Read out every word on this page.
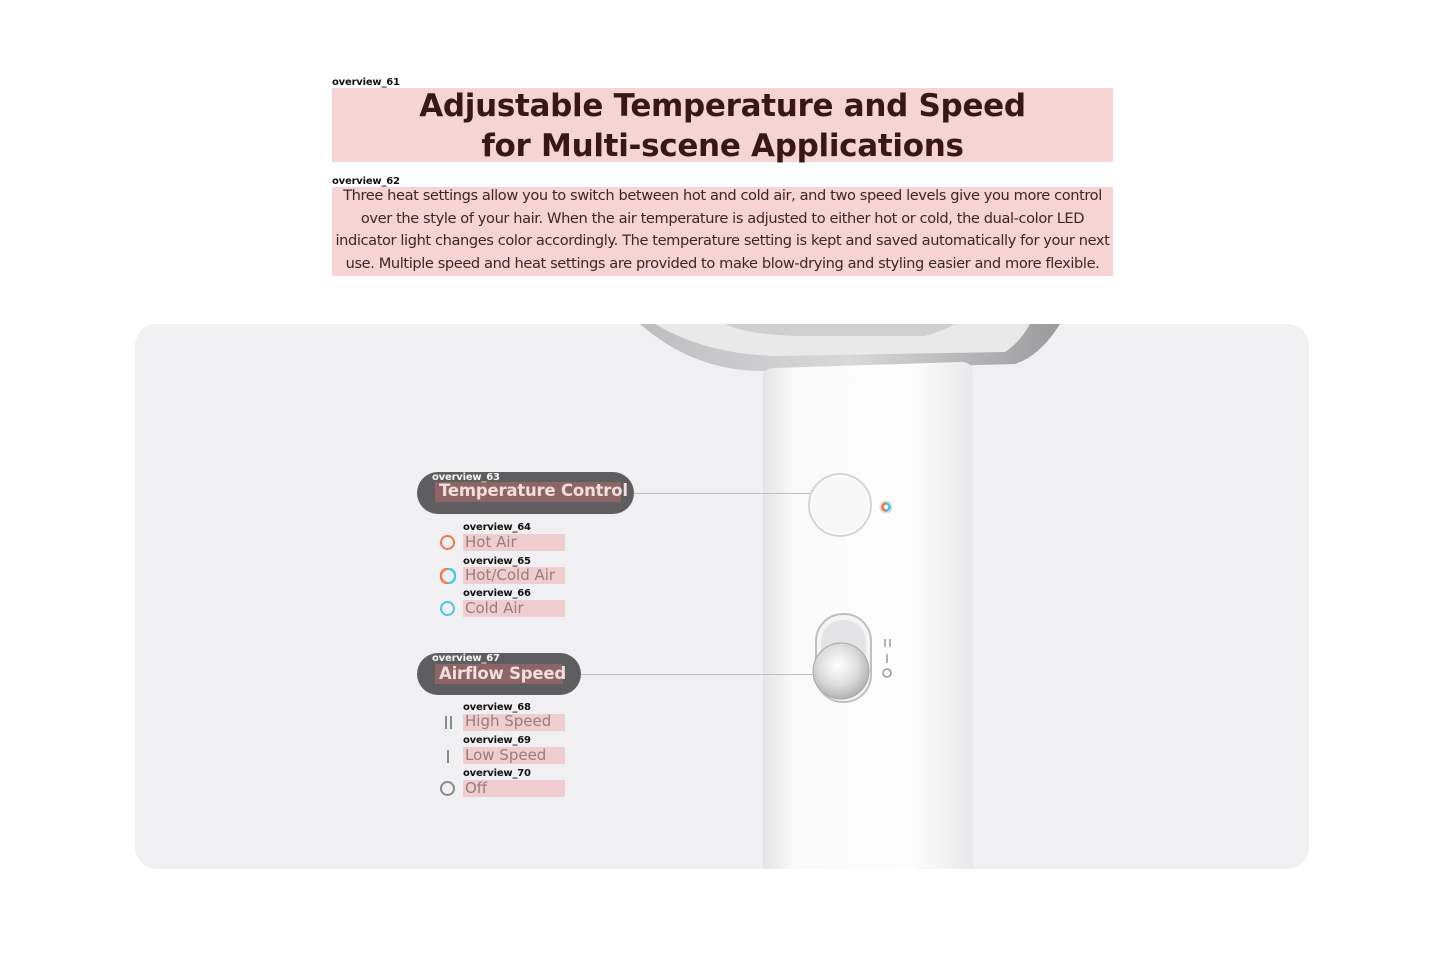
overview_61
Adjustable Temperature and Speed
for Multi-scene Applications
overview_62

Three heat settings allow you to switch between hot and cold air, and two speed levels give you more control over the style of your hair. When the air temperature is adjusted to either hot or cold, the dual-color LED indicator light changes color accordingly. The temperature setting is kept and saved automatically for your next use. Multiple speed and heat settings are provided to make blow-drying and styling easier and more flexible.

overview_63
Temperature Control
overview_64
Hot Air
overview_65
Hot/Cold Air
overview_66
Cold Air
overview_67
Airflow Speed
overview_68
High Speed
overview_69
Low Speed
overview_70
Off
